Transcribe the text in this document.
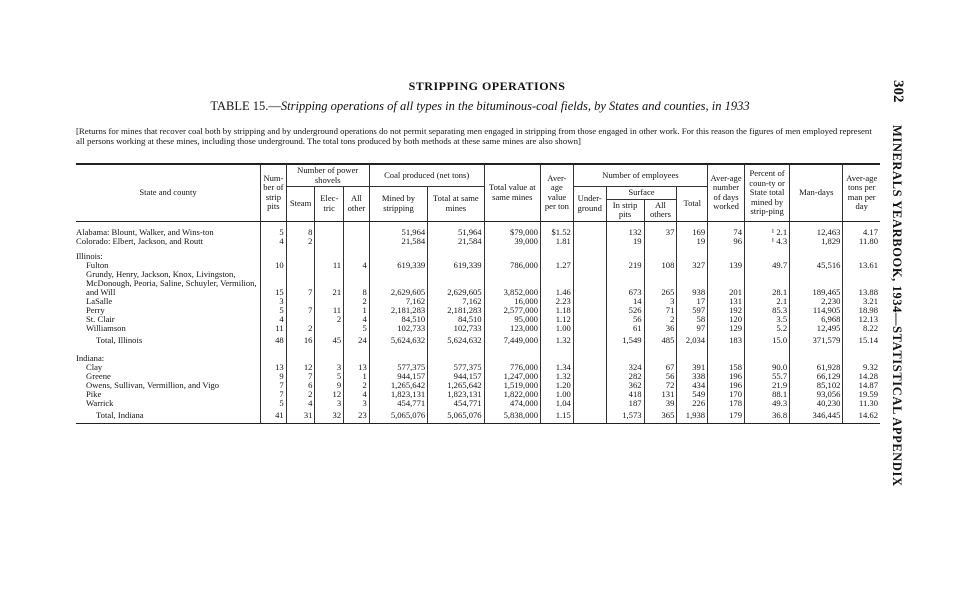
STRIPPING OPERATIONS
TABLE 15.—Stripping operations of all types in the bituminous-coal fields, by States and counties, in 1933
[Returns for mines that recover coal both by stripping and by underground operations do not permit separating men engaged in stripping from those engaged in other work. For this reason the figures of men employed represent all persons working at these mines, including those underground. The total tons produced by both methods at these same mines are also shown]
302
MINERALS YEARBOOK, 1934—STATISTICAL APPENDIX
State and county	Num-ber of strip pits	Number of power shovels			Coal produced (net tons)		Total value at same mines	Aver-age value per ton	Number of employees				Aver-age number of days worked	Percent of coun-ty or State total mined by strip-ping	Man-days	Aver-age tons per man per day
		Steam	Elec-tric	All other	Mined by stripping	Total at same mines			Under-ground	Surface		Total				
										In strip pits	All others					

Alabama: Blount, Walker, and Wins-ton	5	8			51,964	51,964	$79,000	$1.52		132	37	169	74	¹ 2.1	12,463	4.17
Colorado: Elbert, Jackson, and Routt	4	2			21,584	21,584	39,000	1.81		19		19	96	¹ 4.3	1,829	11.80

Illinois:																
Fulton	10		11	4	619,339	619,339	786,000	1.27		219	108	327	139	49.7	45,516	13.61
Grundy, Henry, Jackson, Knox, Livingston, McDonough, Peoria, Saline, Schuyler, Vermilion, and Will	15	7	21	8	2,629,605	2,629,605	3,852,000	1.46		673	265	938	201	28.1	189,465	13.88
LaSalle	3			2	7,162	7,162	16,000	2.23		14	3	17	131	2.1	2,230	3.21
Perry	5	7	11	1	2,181,283	2,181,283	2,577,000	1.18		526	71	597	192	85.3	114,905	18.98
St. Clair	4		2	4	84,510	84,510	95,000	1.12		56	2	58	120	3.5	6,968	12.13
Williamson	11	2		5	102,733	102,733	123,000	1.00		61	36	97	129	5.2	12,495	8.22
Total, Illinois	48	16	45	24	5,624,632	5,624,632	7,449,000	1.32		1,549	485	2,034	183	15.0	371,579	15.14

Indiana:																
Clay	13	12	3	13	577,375	577,375	776,000	1.34		324	67	391	158	90.0	61,928	9.32
Greene	9	7	5	1	944,157	944,157	1,247,000	1.32		282	56	338	196	55.7	66,129	14.28
Owens, Sullivan, Vermillion, and Vigo	7	6	9	2	1,265,642	1,265,642	1,519,000	1.20		362	72	434	196	21.9	85,102	14.87
Pike	7	2	12	4	1,823,131	1,823,131	1,822,000	1.00		418	131	549	170	88.1	93,056	19.59
Warrick	5	4	3	3	454,771	454,771	474,000	1.04		187	39	226	178	49.3	40,230	11.30
Total, Indiana	41	31	32	23	5,065,076	5,065,076	5,838,000	1.15		1,573	365	1,938	179	36.8	346,445	14.62
